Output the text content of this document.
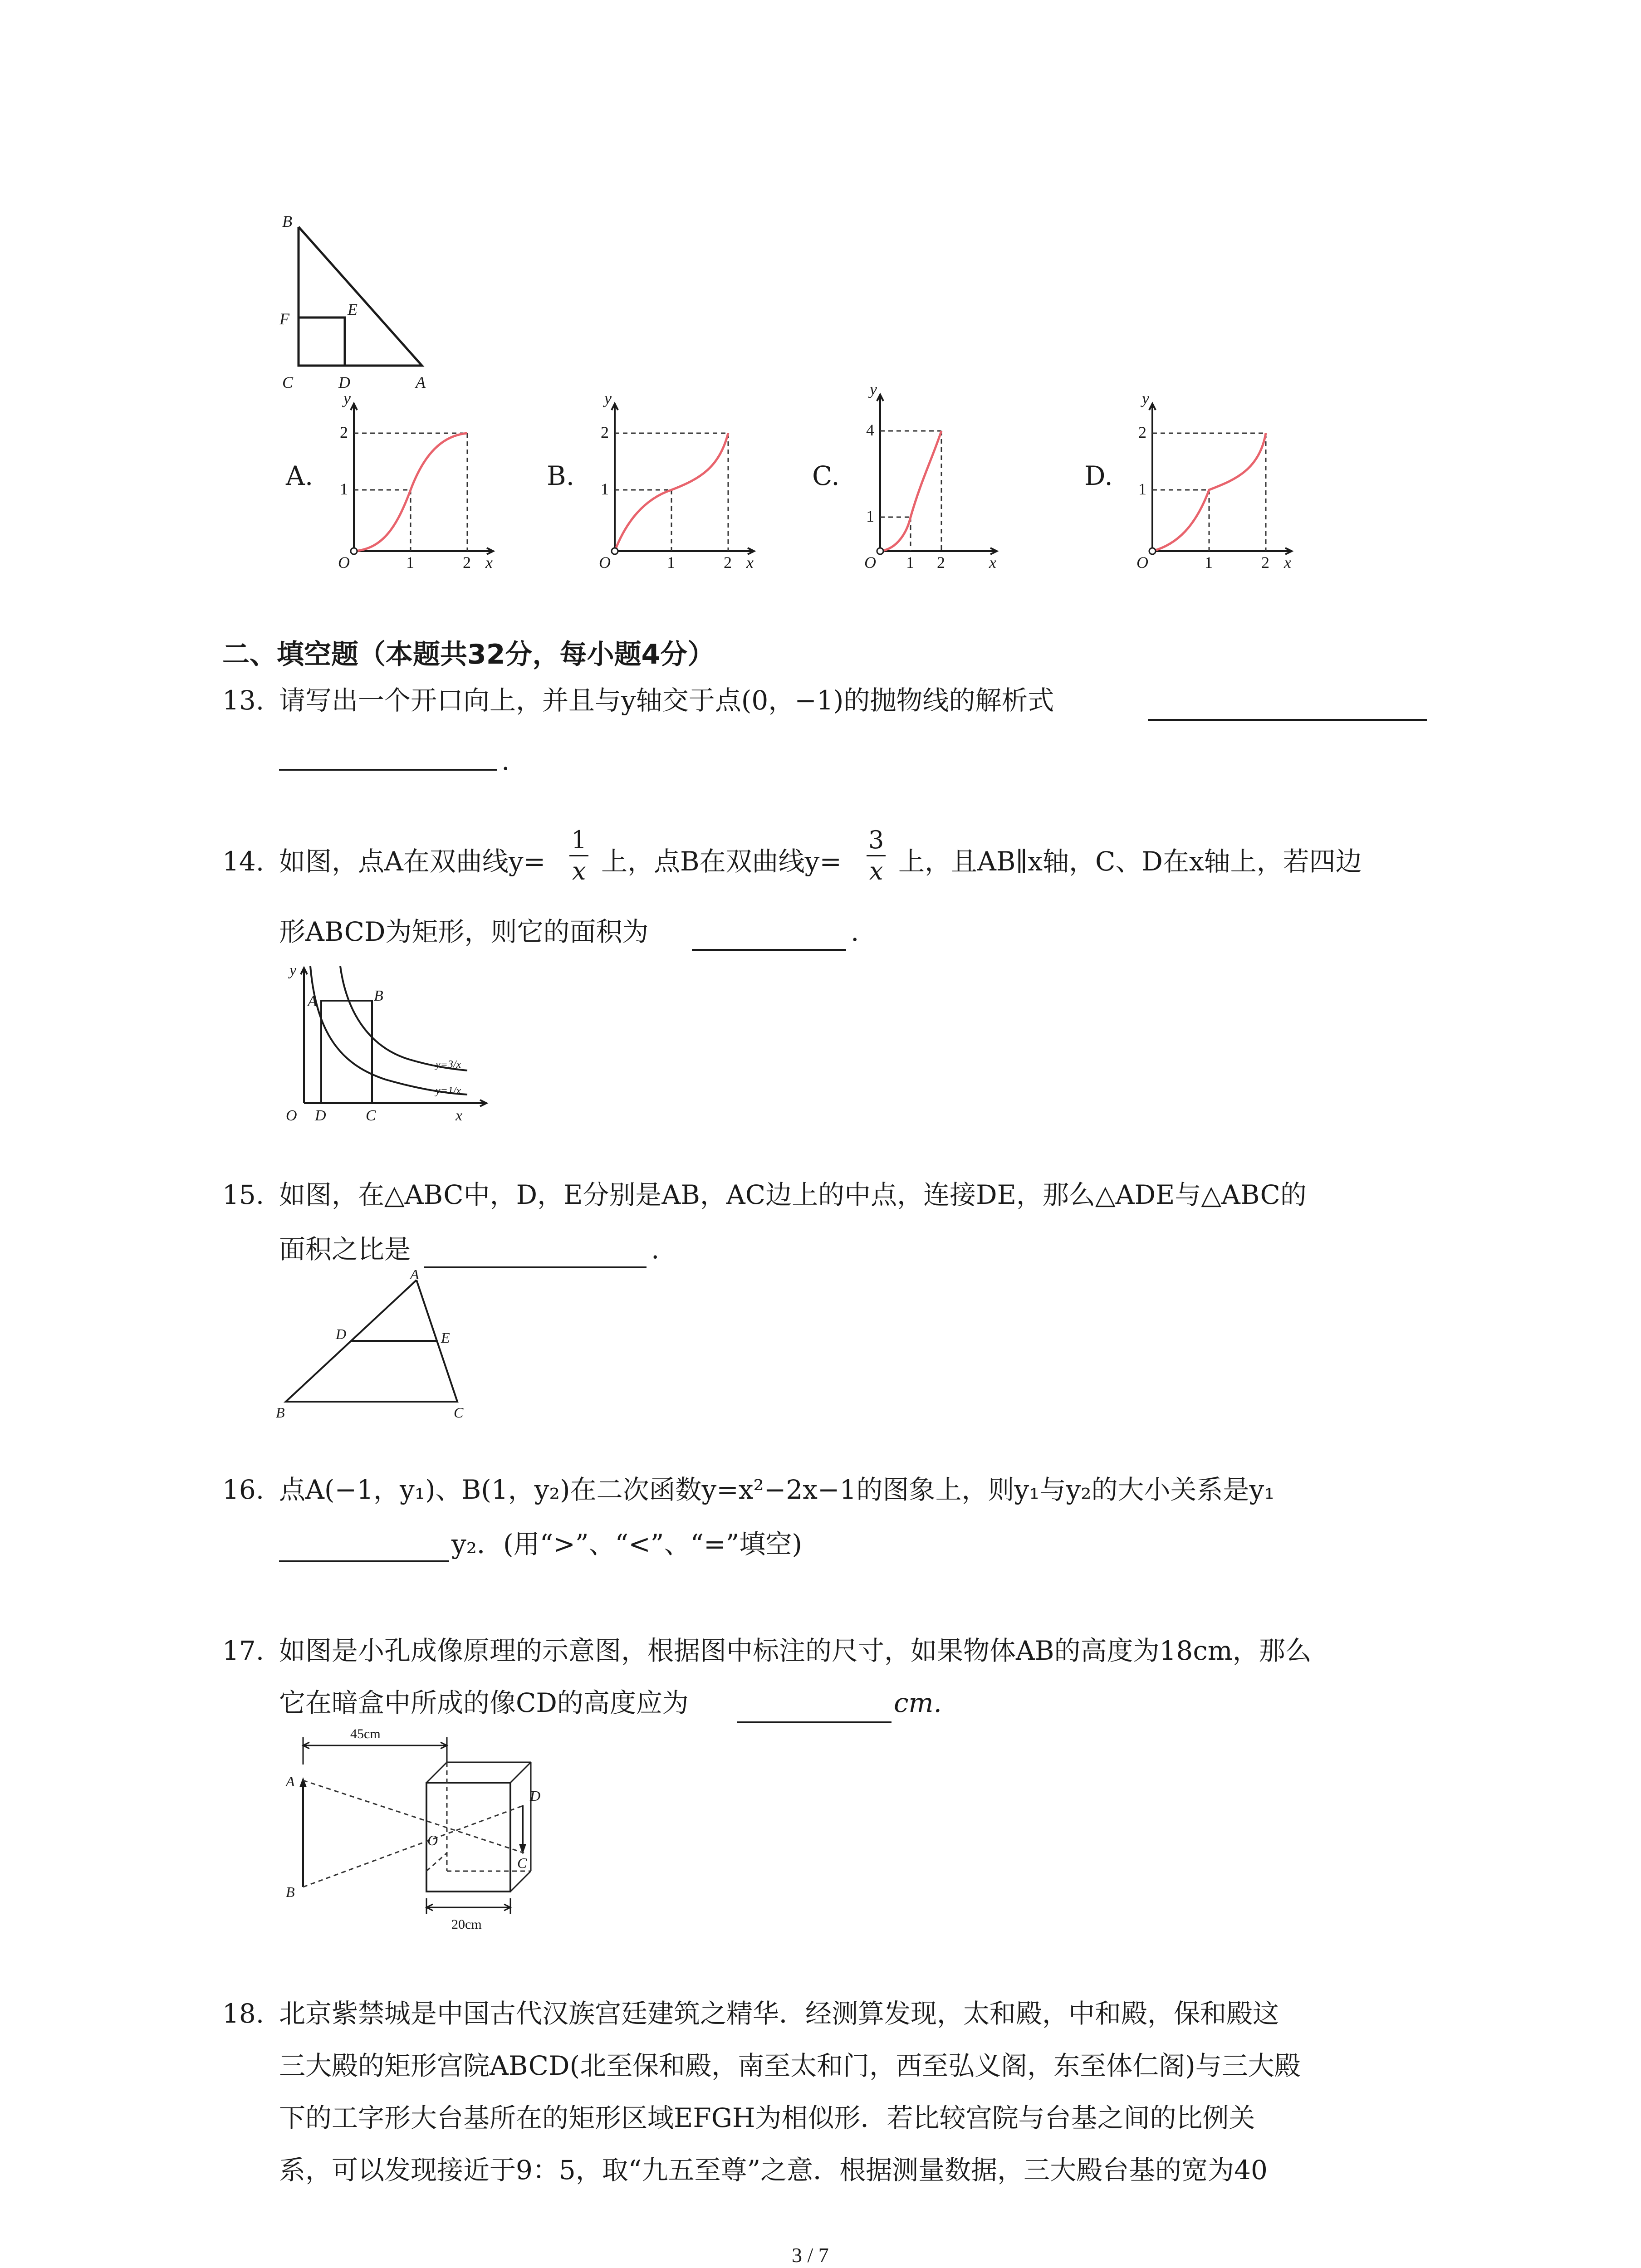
B
F
E
C	D	A
A.
y
2
1
O	1	2 x
B.
y
2
1
O	1	2 x
C.
y
4
1
O 1 2	x
D.
y
2
1
O	1	2 x
二、填空题（本题共32分，每小题4分）
13. 请写出一个开口向上，并且与y轴交于点(0，−1)的抛物线的解析式
.
14. 如图，点A在双曲线$y= \frac{1}{x}$ 上，点B在双曲线$y= \frac{3}{x}$ 上，且AB∥x轴，C、D在x轴上，若四边
形ABCD为矩形，则它的面积为	.
y
A	B
O D	C	x
y=3/x
y=1/x
15. 如图，在△ABC中，D，E分别是AB，AC边上的中点，连接DE，那么△ADE与△ABC的
面积之比是	.
A
D	E
B	C
16. 点A(−1，y₁)、B(1，y₂)在二次函数y=x²−2x−1的图象上，则y₁与y₂的大小关系是y₁
y₂．(用“>”、“<”、“=”填空)
17. 如图是小孔成像原理的示意图，根据图中标注的尺寸，如果物体AB的高度为18cm，那么
它在暗盒中所成的像CD的高度应为	cm.
45cm
20cm
A
B
O
D
C
18. 北京紫禁城是中国古代汉族宫廷建筑之精华．经测算发现，太和殿，中和殿，保和殿这
三大殿的矩形宫院ABCD(北至保和殿，南至太和门，西至弘义阁，东至体仁阁)与三大殿
下的工字形大台基所在的矩形区域EFGH为相似形．若比较宫院与台基之间的比例关
系，可以发现接近于9：5，取“九五至尊”之意．根据测量数据，三大殿台基的宽为40
3 / 7
